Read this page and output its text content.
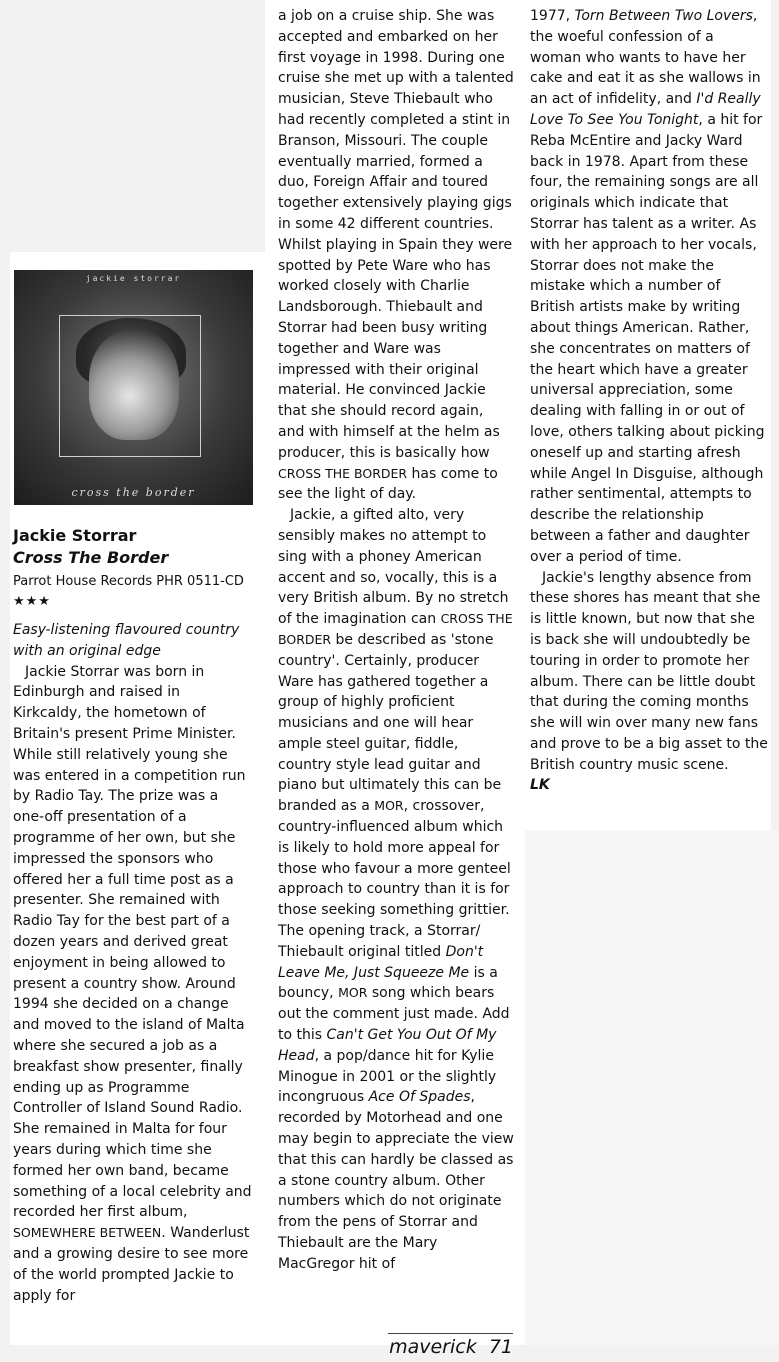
jackie storrar
cross the border

Jackie Storrar

Cross The Border

Parrot House Records PHR 0511-CD

★★★

Easy-listening flavoured country with an original edge

Jackie Storrar was born in Edinburgh and raised in Kirkcaldy, the hometown of Britain's present Prime Minister. While still relatively young she was entered in a competition run by Radio Tay. The prize was a one-off presentation of a programme of her own, but she impressed the sponsors who offered her a full time post as a presenter. She remained with Radio Tay for the best part of a dozen years and derived great enjoyment in being allowed to present a country show. Around 1994 she decided on a change and moved to the island of Malta where she secured a job as a breakfast show presenter, finally ending up as Programme Controller of Island Sound Radio. She remained in Malta for four years during which time she formed her own band, became something of a local celebrity and recorded her first album, SOMEWHERE BETWEEN. Wanderlust and a growing desire to see more of the world prompted Jackie to apply for

a job on a cruise ship. She was accepted and embarked on her first voyage in 1998. During one cruise she met up with a talented musician, Steve Thiebault who had recently completed a stint in Branson, Missouri. The couple eventually married, formed a duo, Foreign Affair and toured together extensively playing gigs in some 42 different countries. Whilst playing in Spain they were spotted by Pete Ware who has worked closely with Charlie Landsborough. Thiebault and Storrar had been busy writing together and Ware was impressed with their original material. He convinced Jackie that she should record again, and with himself at the helm as producer, this is basically how CROSS THE BORDER has come to see the light of day.

Jackie, a gifted alto, very sensibly makes no attempt to sing with a phoney American accent and so, vocally, this is a very British album. By no stretch of the imagination can CROSS THE BORDER be described as 'stone country'. Certainly, producer Ware has gathered together a group of highly proficient musicians and one will hear ample steel guitar, fiddle, country style lead guitar and piano but ultimately this can be branded as a MOR, crossover, country-influenced album which is likely to hold more appeal for those who favour a more genteel approach to country than it is for those seeking something grittier. The opening track, a Storrar/ Thiebault original titled Don't Leave Me, Just Squeeze Me is a bouncy, MOR song which bears out the comment just made. Add to this Can't Get You Out Of My Head, a pop/dance hit for Kylie Minogue in 2001 or the slightly incongruous Ace Of Spades, recorded by Motorhead and one may begin to appreciate the view that this can hardly be classed as a stone country album. Other numbers which do not originate from the pens of Storrar and Thiebault are the Mary MacGregor hit of

1977, Torn Between Two Lovers, the woeful confession of a woman who wants to have her cake and eat it as she wallows in an act of infidelity, and I'd Really Love To See You Tonight, a hit for Reba McEntire and Jacky Ward back in 1978. Apart from these four, the remaining songs are all originals which indicate that Storrar has talent as a writer. As with her approach to her vocals, Storrar does not make the mistake which a number of British artists make by writing about things American. Rather, she concentrates on matters of the heart which have a greater universal appreciation, some dealing with falling in or out of love, others talking about picking oneself up and starting afresh while Angel In Disguise, although rather sentimental, attempts to describe the relationship between a father and daughter over a period of time.

Jackie's lengthy absence from these shores has meant that she is little known, but now that she is back she will undoubtedly be touring in order to promote her album. There can be little doubt that during the coming months she will win over many new fans and prove to be a big asset to the British country music scene.

LK

maverick 71
